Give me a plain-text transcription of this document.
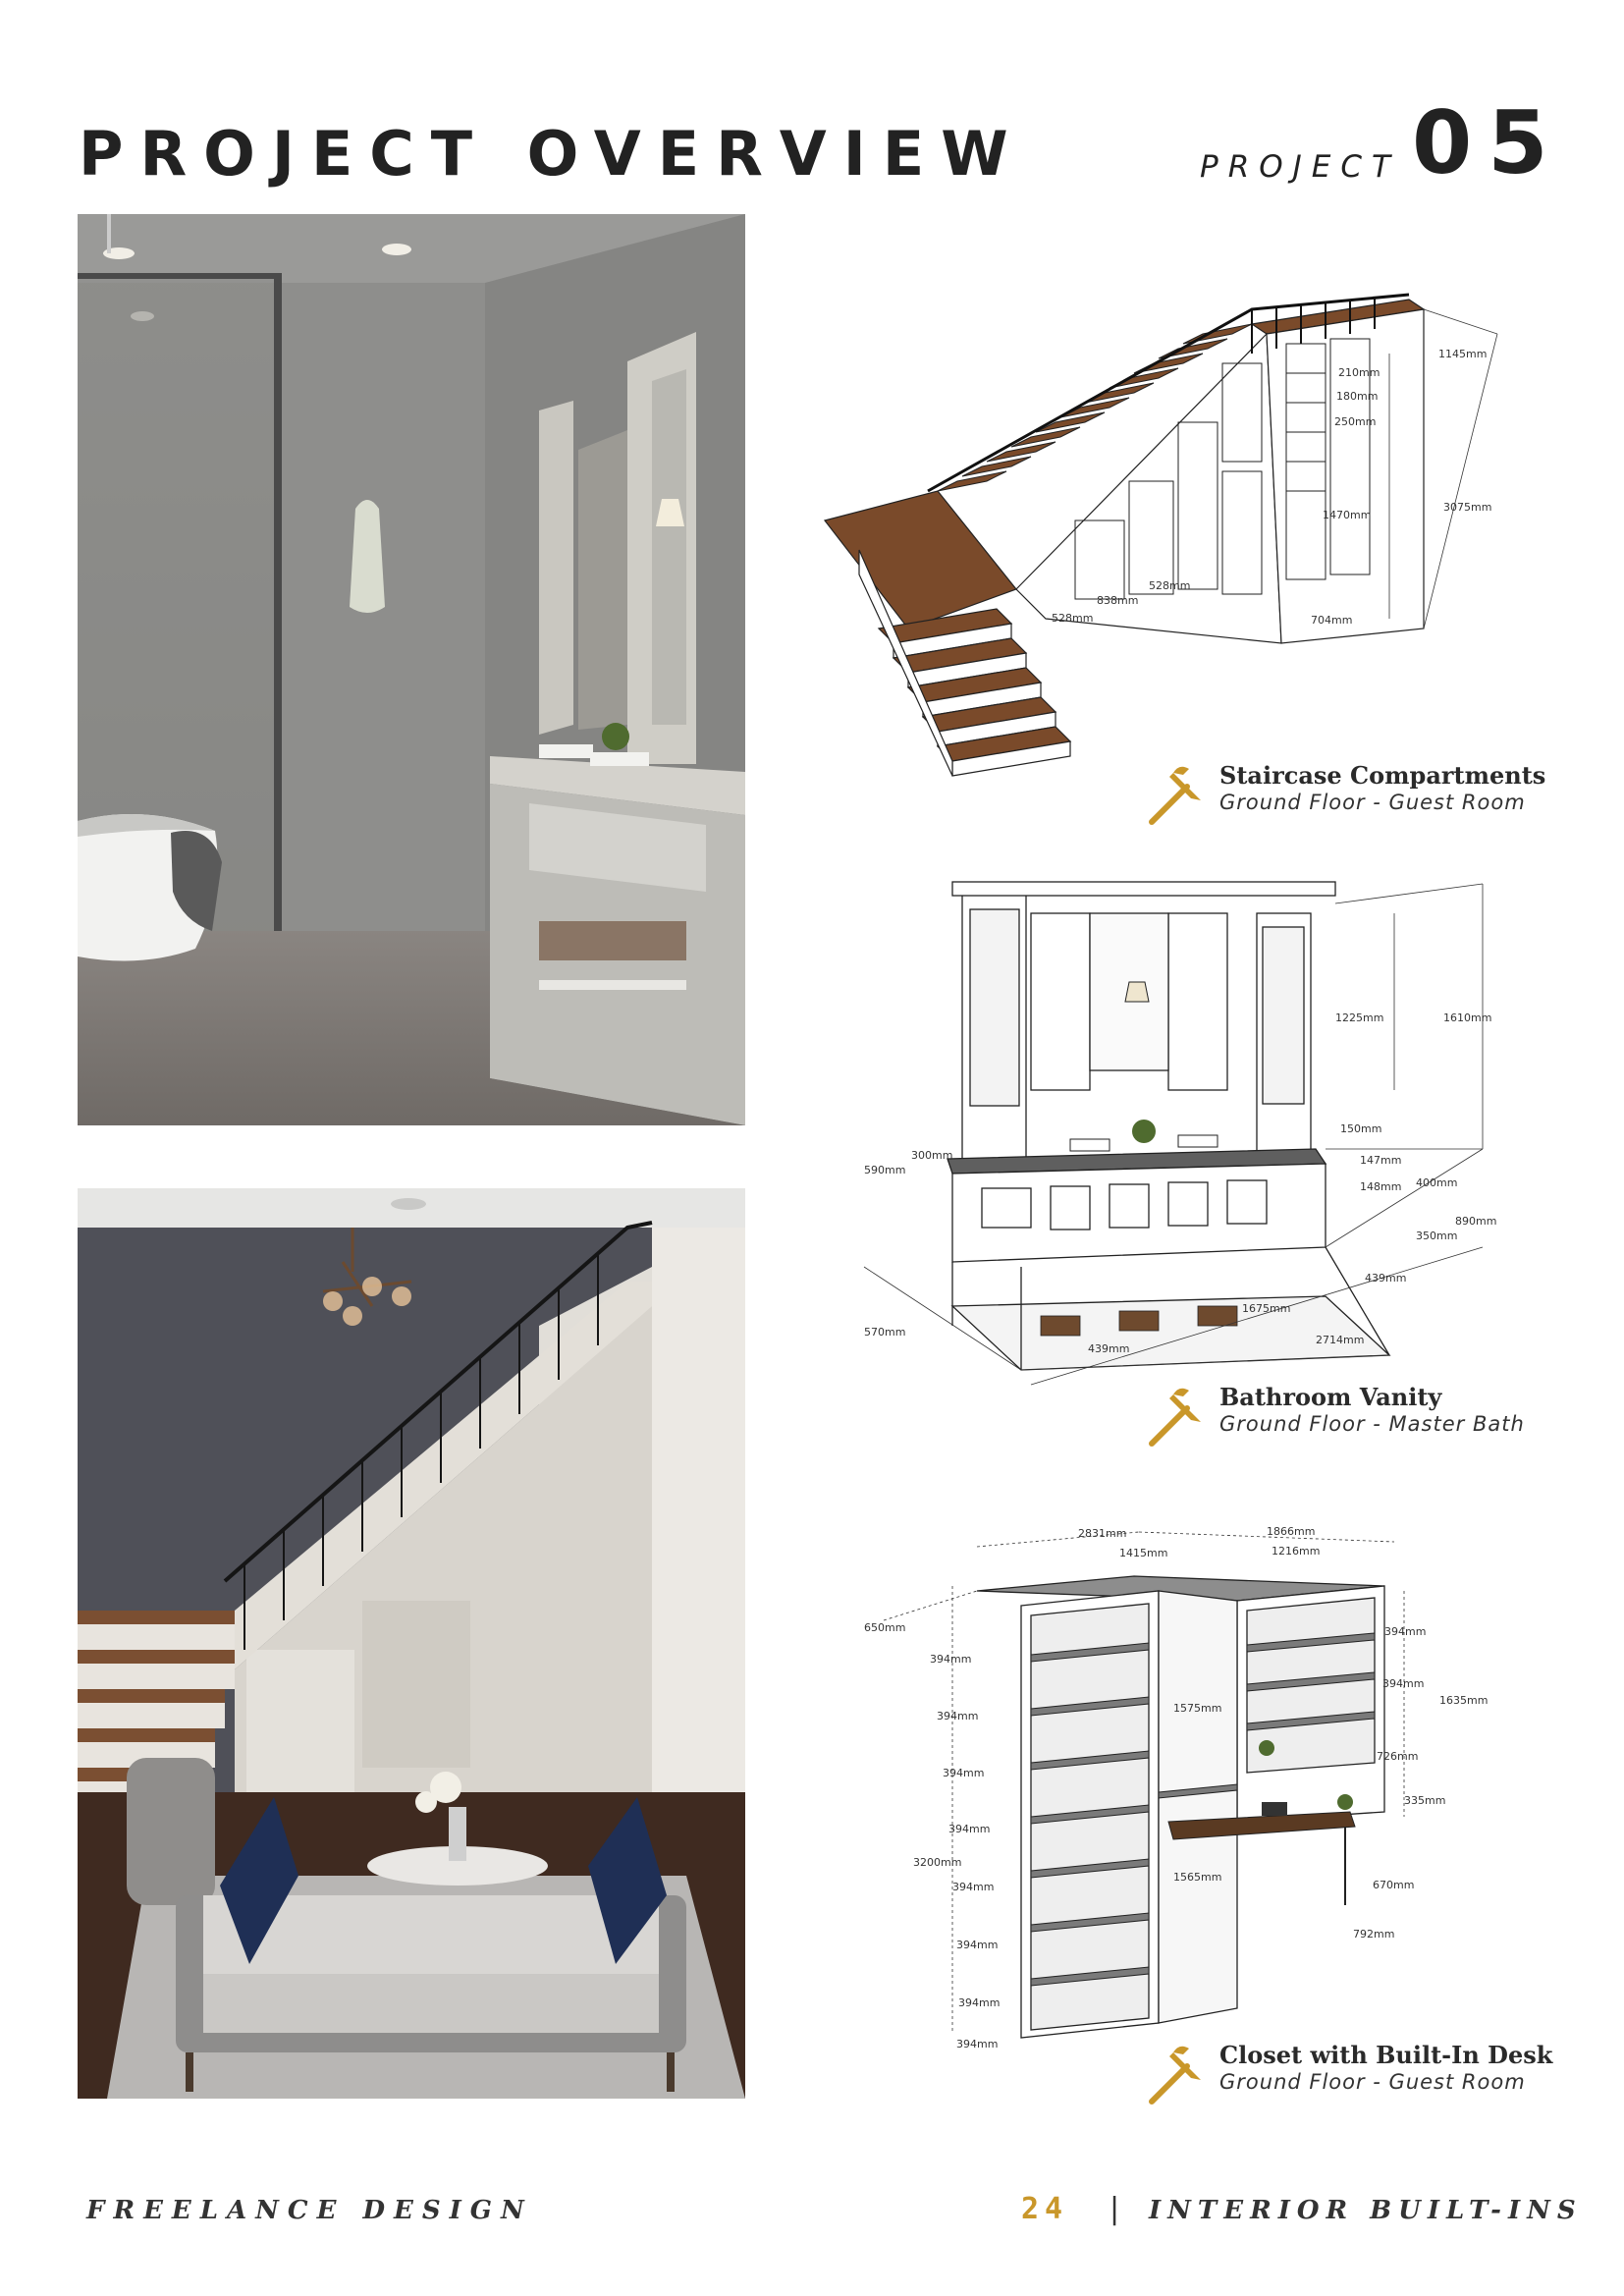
PROJECT OVERVIEW	PROJECT 05
1145mm
210mm
180mm
250mm
3075mm
1470mm
838mm
528mm
528mm	704mm
Staircase Compartments
Ground Floor - Guest Room
1225mm	1610mm
150mm
590mm
300mm	147mm
148mm 400mm
890mm
350mm
439mm
570mm
1675mm
439mm
2714mm
Bathroom Vanity
Ground Floor - Master Bath
2831mm	1866mm
1415mm	1216mm
650mm
394mm
394mm
394mm
394mm
394mm
394mm
394mm
394mm
3200mm
1575mm
394mm
394mm
1635mm
726mm
335mm
1565mm
670mm
792mm
Closet with Built-In Desk
Ground Floor - Guest Room
FREELANCE DESIGN	24 | INTERIOR BUILT-INS
